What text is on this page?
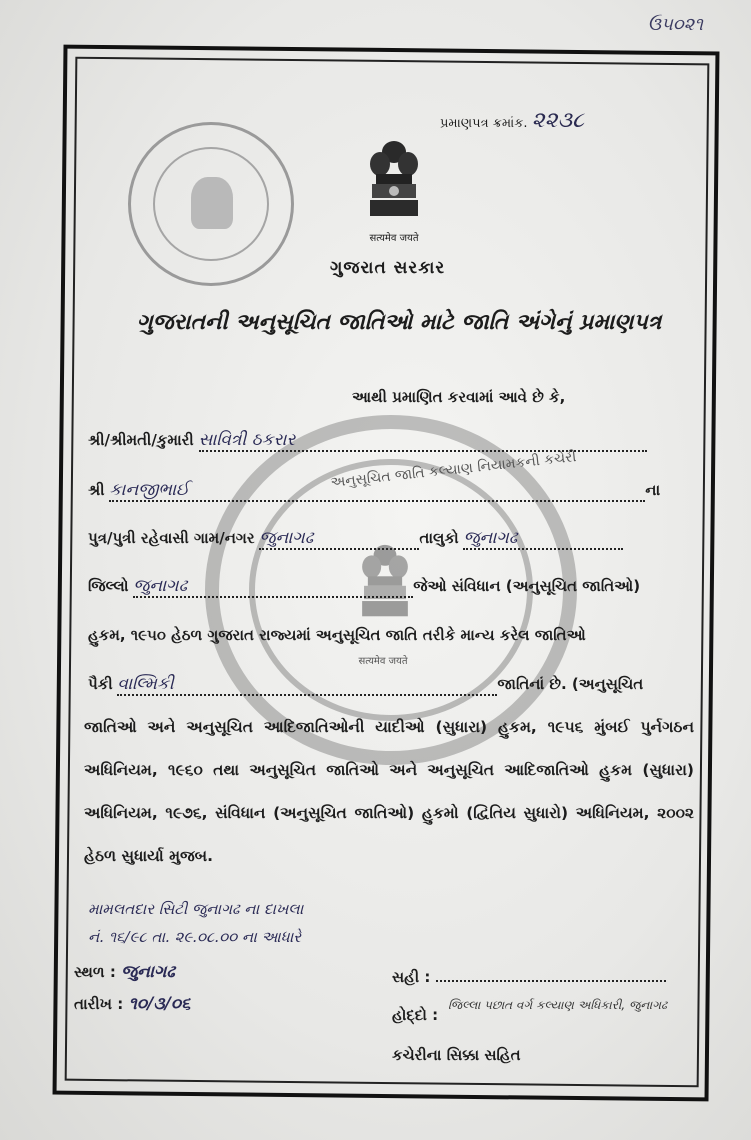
ઉ૫૦૨૧
પ્રમાણપત્ર ક્રમાંક. ૨૨૩૮
सत्यमेव जयते
ગુજરાત સરકાર
ગુજરાતની અનુસૂચિત જાતિઓ માટે જાતિ અંગેનું પ્રમાણપત્ર
અનુસૂચિત જાતિ કલ્યાણ નિયામકની કચેરી
सत्यमेव जयते
આથી પ્રમાણિત કરવામાં આવે છે કે,
શ્રી/શ્રીમતી/કુમારી સાવિત્રી ઠકરાર
શ્રી કાનજીભાઈ	ના
પુત્ર/પુત્રી રહેવાસી ગામ/નગર જુનાગઢ	તાલુકો જુનાગઢ
જિલ્લો જુનાગઢ	જેઓ સંવિધાન (અનુસૂચિત જાતિઓ)
હુકમ, ૧૯૫૦ હેઠળ ગુજરાત રાજ્યમાં અનુસૂચિત જાતિ તરીકે માન્ય કરેલ જાતિઓ
પૈકી વાલ્મિકી	જાતિનાં છે. (અનુસૂચિત
જાતિઓ અને અનુસૂચિત આદિજાતિઓની યાદીઓ (સુધારા) હુકમ, ૧૯૫૬ મુંબઈ પુર્નગઠન અધિનિયમ, ૧૯૬૦ તથા અનુસૂચિત જાતિઓ અને અનુસૂચિત આદિજાતિઓ હુકમ (સુધારા) અધિનિયમ, ૧૯૭૬, સંવિધાન (અનુસૂચિત જાતિઓ) હુકમો (દ્વિતિય સુધારો) અધિનિયમ, ૨૦૦૨ હેઠળ સુધાર્યા મુજબ.
મામલતદાર સિટી જુનાગઢ ના દાખલા
નં. ૧૬/૯૮ તા. ૨૯.૦૮.૦૦ ના આધારે
સ્થળ : જુનાગઢ
તારીખ : ૧૦/૩/૦૬
સહી :
હોદ્દો :
જિલ્લા પછાત વર્ગ કલ્યાણ અધિકારી, જુનાગઢ
કચેરીના સિક્કા સહિત
